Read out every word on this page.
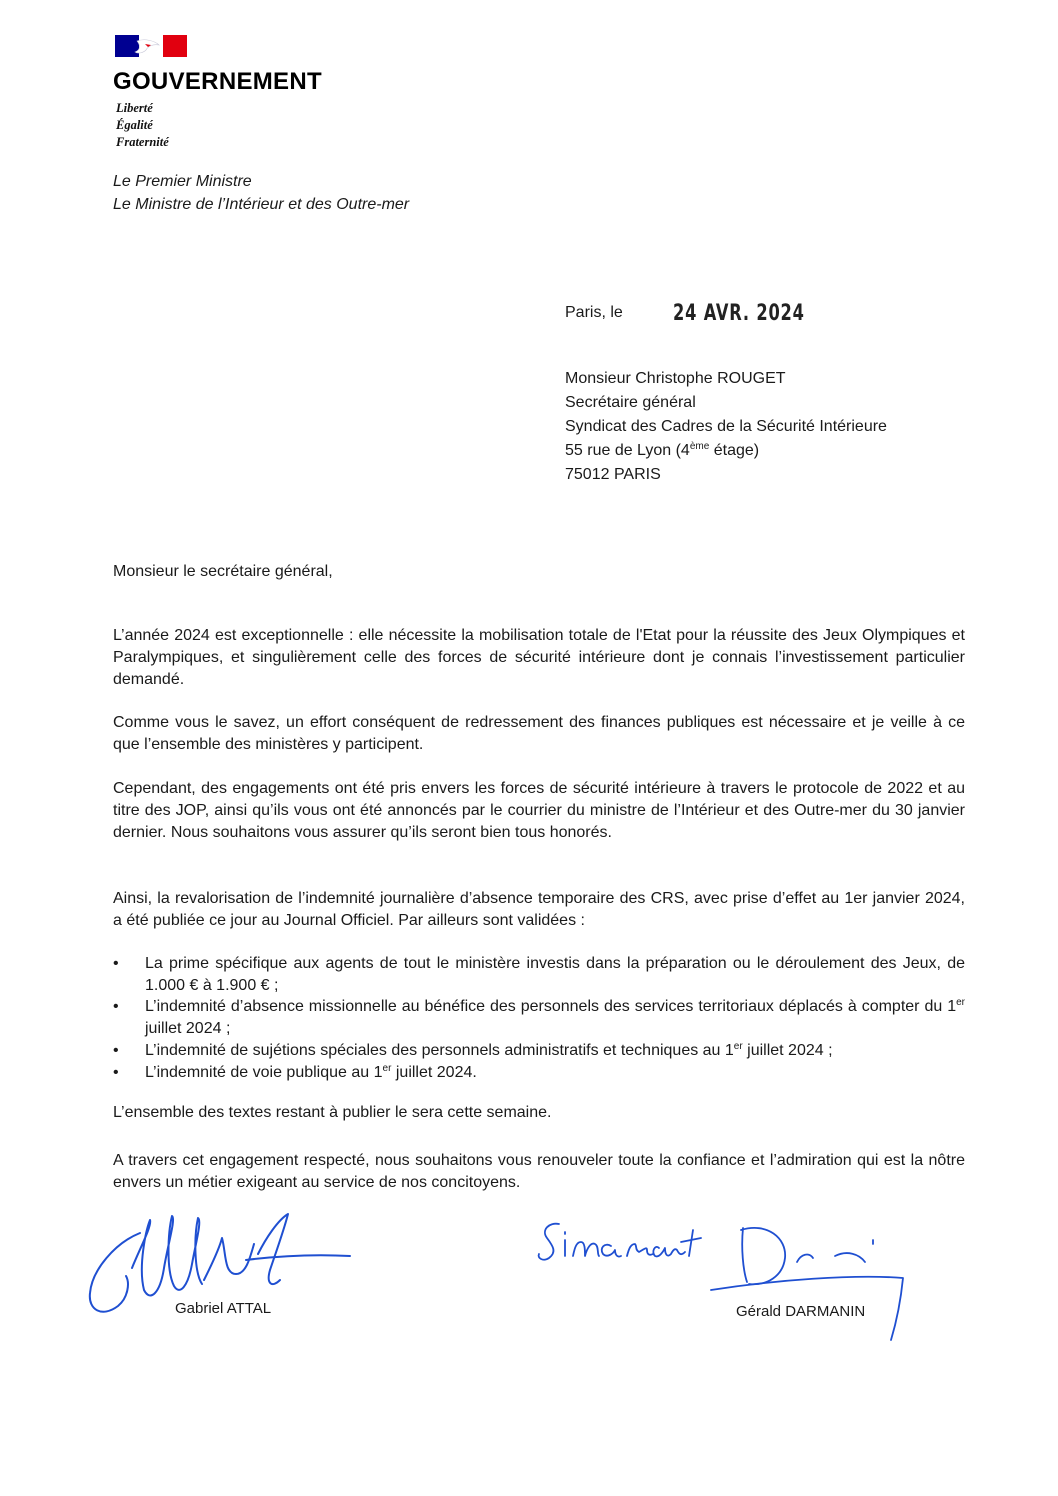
GOUVERNEMENT
Liberté
Égalité
Fraternité
Le Premier Ministre
Le Ministre de l’Intérieur et des Outre-mer
Paris, le 24 AVR. 2024
Monsieur Christophe ROUGET
Secrétaire général
Syndicat des Cadres de la Sécurité Intérieure
55 rue de Lyon (4ème étage)
75012 PARIS
Monsieur le secrétaire général,
L’année 2024 est exceptionnelle : elle nécessite la mobilisation totale de l'Etat pour la réussite des Jeux Olympiques et Paralympiques, et singulièrement celle des forces de sécurité intérieure dont je connais l’investissement particulier demandé.
Comme vous le savez, un effort conséquent de redressement des finances publiques est nécessaire et je veille à ce que l’ensemble des ministères y participent.
Cependant, des engagements ont été pris envers les forces de sécurité intérieure à travers le protocole de 2022 et au titre des JOP, ainsi qu’ils vous ont été annoncés par le courrier du ministre de l’Intérieur et des Outre-mer du 30 janvier dernier. Nous souhaitons vous assurer qu’ils seront bien tous honorés.
Ainsi, la revalorisation de l’indemnité journalière d’absence temporaire des CRS, avec prise d’effet au 1er janvier 2024, a été publiée ce jour au Journal Officiel. Par ailleurs sont validées :
• La prime spécifique aux agents de tout le ministère investis dans la préparation ou le déroulement des Jeux, de 1.000 € à 1.900 € ;
• L’indemnité d’absence missionnelle au bénéfice des personnels des services territoriaux déplacés à compter du 1er juillet 2024 ;
• L’indemnité de sujétions spéciales des personnels administratifs et techniques au 1er juillet 2024 ;
• L’indemnité de voie publique au 1er juillet 2024.
L’ensemble des textes restant à publier le sera cette semaine.
A travers cet engagement respecté, nous souhaitons vous renouveler toute la confiance et l’admiration qui est la nôtre envers un métier exigeant au service de nos concitoyens.
Gabriel ATTAL	Gérald DARMANIN
